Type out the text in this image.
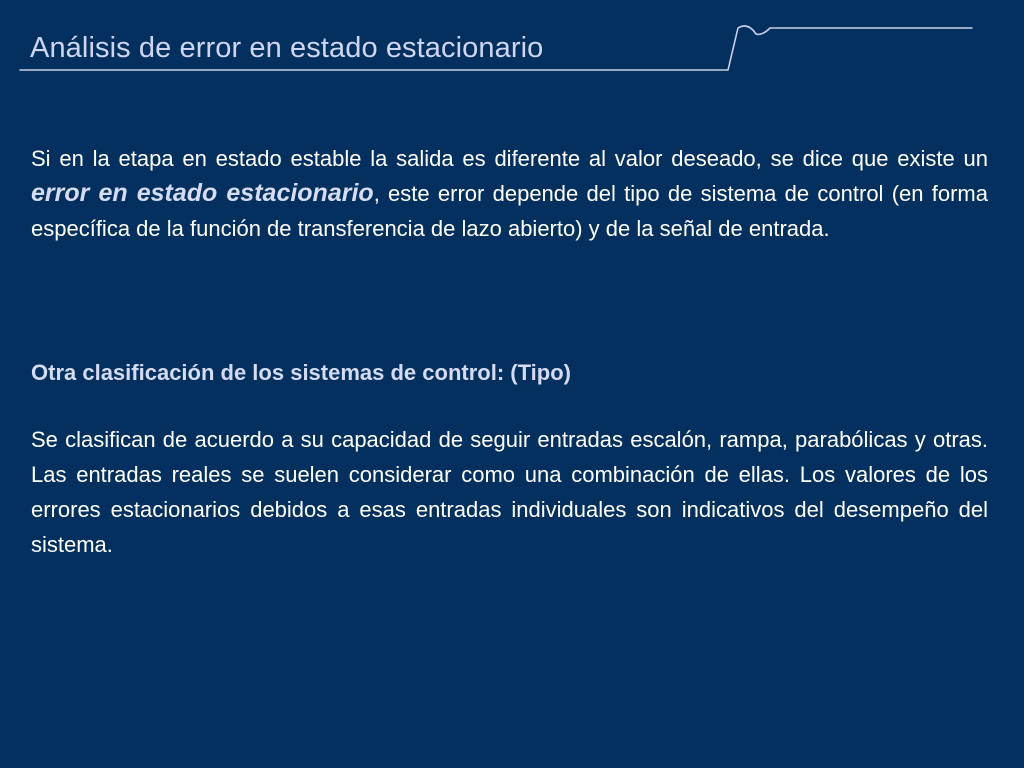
Análisis de error en estado estacionario
Si en la etapa en estado estable la salida es diferente al valor deseado, se dice que existe un error en estado estacionario, este error depende del tipo de sistema de control (en forma específica de la función de transferencia de lazo abierto) y de la señal de entrada.
Otra clasificación de los sistemas de control: (Tipo)
Se clasifican de acuerdo a su capacidad de seguir entradas escalón, rampa, parabólicas y otras. Las entradas reales se suelen considerar como una combinación de ellas. Los valores de los errores estacionarios debidos a esas entradas individuales son indicativos del desempeño del sistema.
